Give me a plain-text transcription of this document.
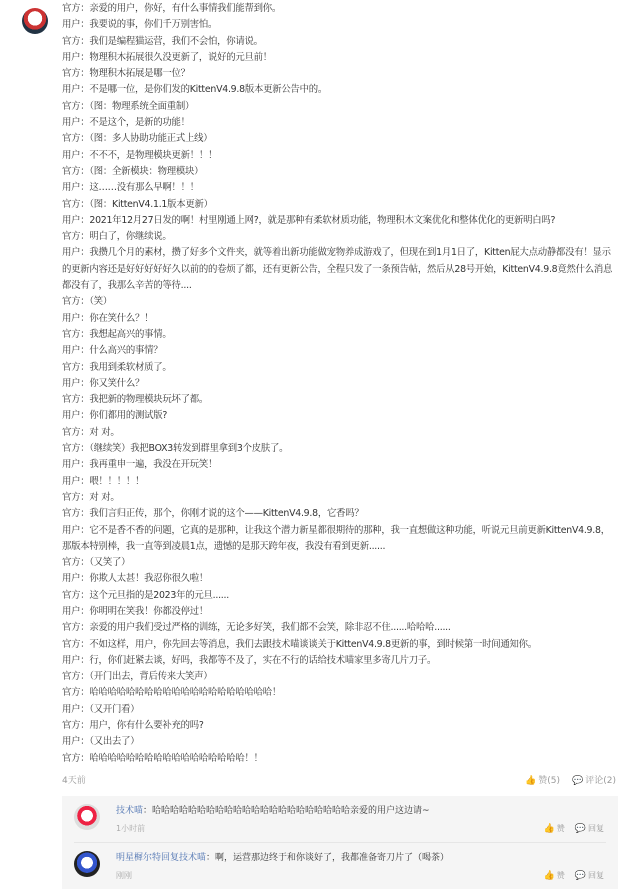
官方：亲爱的用户，你好，有什么事情我们能帮到你。
用户：我要说的事，你们千万别害怕。
官方：我们是编程猫运营，我们不会怕，你请说。
用户：物理积木拓展很久没更新了，说好的元旦前！
官方：物理积木拓展是哪一位？
用户：不是哪一位，是你们发的KittenV4.9.8版本更新公告中的。
官方：（图：物理系统全面重制）
用户：不是这个，是新的功能！
官方：（图：多人协助功能正式上线）
用户：不不不，是物理模块更新！！！
官方：（图：全新模块：物理模块）
用户：这……没有那么早啊！！！
官方：（图：KittenV4.1.1版本更新）
用户：2021年12月27日发的啊！村里刚通上网?，就是那种有柔软材质功能，物理积木文案优化和整体优化的更新明白吗?
官方：明白了，你继续说。
用户：我攒几个月的素材，攒了好多个文件夹，就等着出新功能做宠物养成游戏了，但现在到1月1日了，Kitten屁大点动静都没有！显示的更新内容还是好好好好好久以前的的卷烦了都，还有更新公告，全程只发了一条预告帖，然后从28号开始，KittenV4.9.8竟然什么消息都没有了，我那么辛苦的等待....
官方：（笑）
用户：你在笑什么？！
官方：我想起高兴的事情。
用户：什么高兴的事情？
官方：我用到柔软材质了。
用户：你又笑什么？
官方：我把新的物理模块玩坏了都。
用户：你们都用的测试版?
官方：对 对。
官方：（继续笑）我把BOX3转发到群里拿到3个皮肤了。
用户：我再重申一遍，我没在开玩笑！
用户：喂！！！！！
官方：对 对。
官方：我们言归正传，那个，你刚才说的这个——KittenV4.9.8，它香吗？
用户：它不是香不香的问题，它真的是那种，让我这个潜力新星都很期待的那种，我一直想做这种功能，听说元旦前更新KittenV4.9.8，那版本特别棒，我一直等到凌晨1点，遗憾的是那天跨年夜，我没有看到更新......
官方：（又笑了）
用户：你欺人太甚！我忍你很久啦！
官方：这个元旦指的是2023年的元旦......
用户：你明明在笑我！你都没停过！
官方：亲爱的用户我们受过严格的训练，无论多好笑，我们都不会笑，除非忍不住......哈哈哈......
官方：不如这样，用户，你先回去等消息，我们去跟技术喵谈谈关于KittenV4.9.8更新的事，到时候第一时间通知你。
用户：行，你们赶紧去谈，好吗，我都等不及了，实在不行的话给技术喵家里多寄几片刀子。
官方：（开门出去，背后传来大笑声）
官方：哈哈哈哈哈哈哈哈哈哈哈哈哈哈哈哈哈哈哈哈！
用户：（又开门看）
官方：用户，你有什么要补充的吗?
用户：（又出去了）
官方：哈哈哈哈哈哈哈哈哈哈哈哈哈哈哈哈哈！！
4天前	👍 赞(5) 💬 评论(2)
技术喵：哈哈哈哈哈哈哈哈哈哈哈哈哈哈哈哈哈哈哈哈哈哈亲爱的用户这边请~
1小时前	👍 赞 💬 回复
明星樨尔特回复技术喵：啊，运营那边终于和你谈好了，我都准备寄刀片了（喝茶）
刚刚	👍 赞 💬 回复
